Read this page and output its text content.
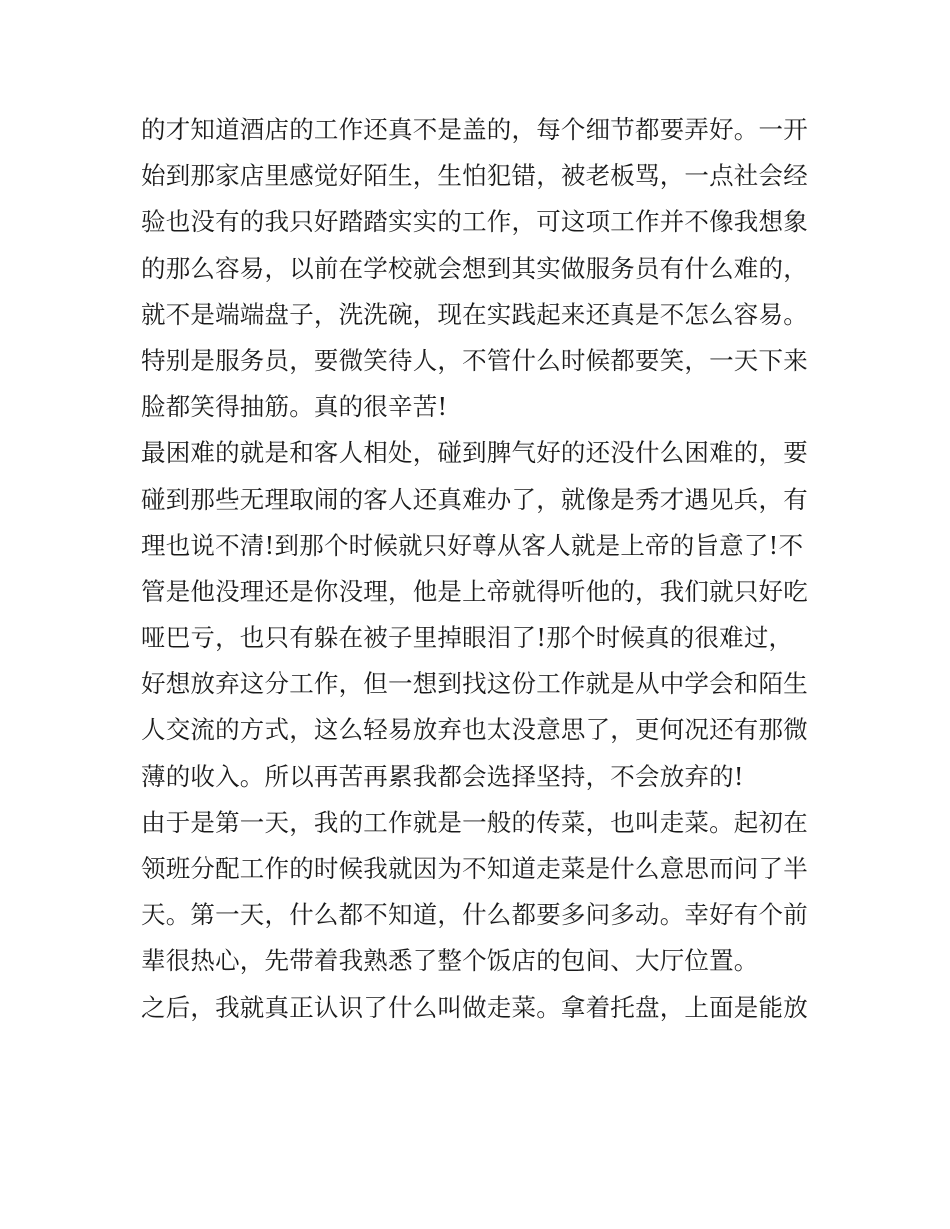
的才知道酒店的工作还真不是盖的，每个细节都要弄好。一开
始到那家店里感觉好陌生，生怕犯错，被老板骂，一点社会经
验也没有的我只好踏踏实实的工作，可这项工作并不像我想象
的那么容易，以前在学校就会想到其实做服务员有什么难的，
就不是端端盘子，洗洗碗，现在实践起来还真是不怎么容易。
特别是服务员，要微笑待人，不管什么时候都要笑，一天下来
脸都笑得抽筋。真的很辛苦!
最困难的就是和客人相处，碰到脾气好的还没什么困难的，要
碰到那些无理取闹的客人还真难办了，就像是秀才遇见兵，有
理也说不清!到那个时候就只好尊从客人就是上帝的旨意了!不
管是他没理还是你没理，他是上帝就得听他的，我们就只好吃
哑巴亏，也只有躲在被子里掉眼泪了!那个时候真的很难过，
好想放弃这分工作，但一想到找这份工作就是从中学会和陌生
人交流的方式，这么轻易放弃也太没意思了，更何况还有那微
薄的收入。所以再苦再累我都会选择坚持，不会放弃的!
由于是第一天，我的工作就是一般的传菜，也叫走菜。起初在
领班分配工作的时候我就因为不知道走菜是什么意思而问了半
天。第一天，什么都不知道，什么都要多问多动。幸好有个前
辈很热心，先带着我熟悉了整个饭店的包间、大厅位置。
之后，我就真正认识了什么叫做走菜。拿着托盘，上面是能放
